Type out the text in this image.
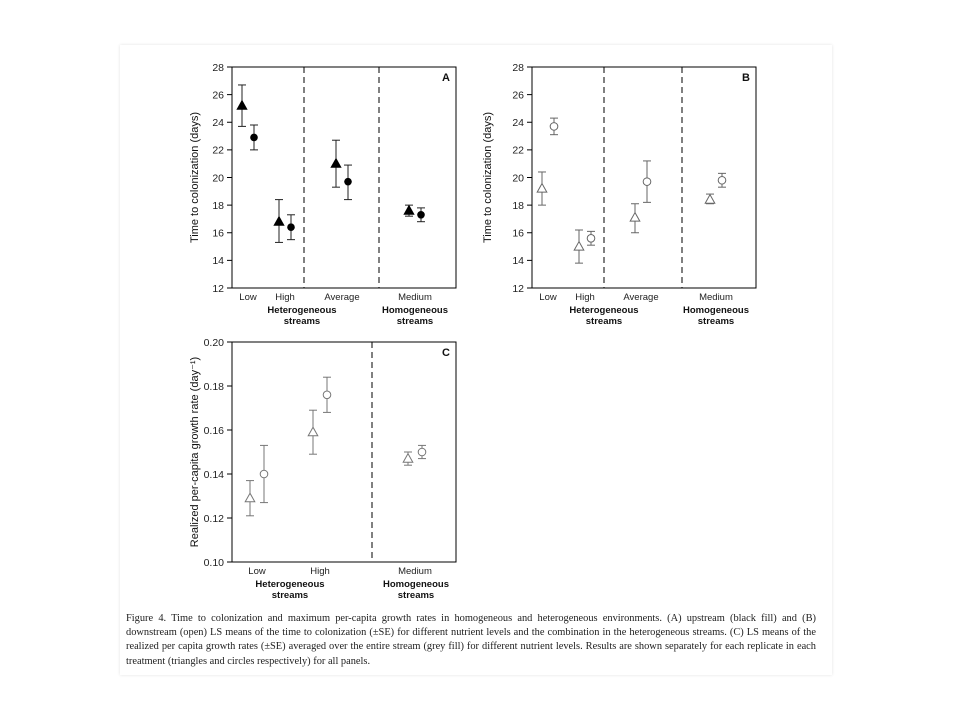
12
14
16
18
20
22
24
26
28
Time to colonization (days)
A
Low High	Average	Medium
Heterogeneous
streams
Homogeneous
streams
12
14
16
18
20
22
24
26
28
Time to colonization (days)
B
Low High	Average	Medium
Heterogeneous
streams
Homogeneous
streams
0.10
0.12
0.14
0.16
0.18
0.20
Realized per-capita growth rate (day⁻¹)
C
Low	High	Medium
Heterogeneous
streams
Homogeneous
streams

Figure 4. Time to colonization and maximum per-capita growth rates in homogeneous and heterogeneous environments. (A) upstream (black fill) and (B) downstream (open) LS means of the time to colonization (±SE) for different nutrient levels and the combination in the heterogeneous streams. (C) LS means of the realized per capita growth rates (±SE) averaged over the entire stream (grey fill) for different nutrient levels. Results are shown separately for each replicate in each treatment (triangles and circles respectively) for all panels.
